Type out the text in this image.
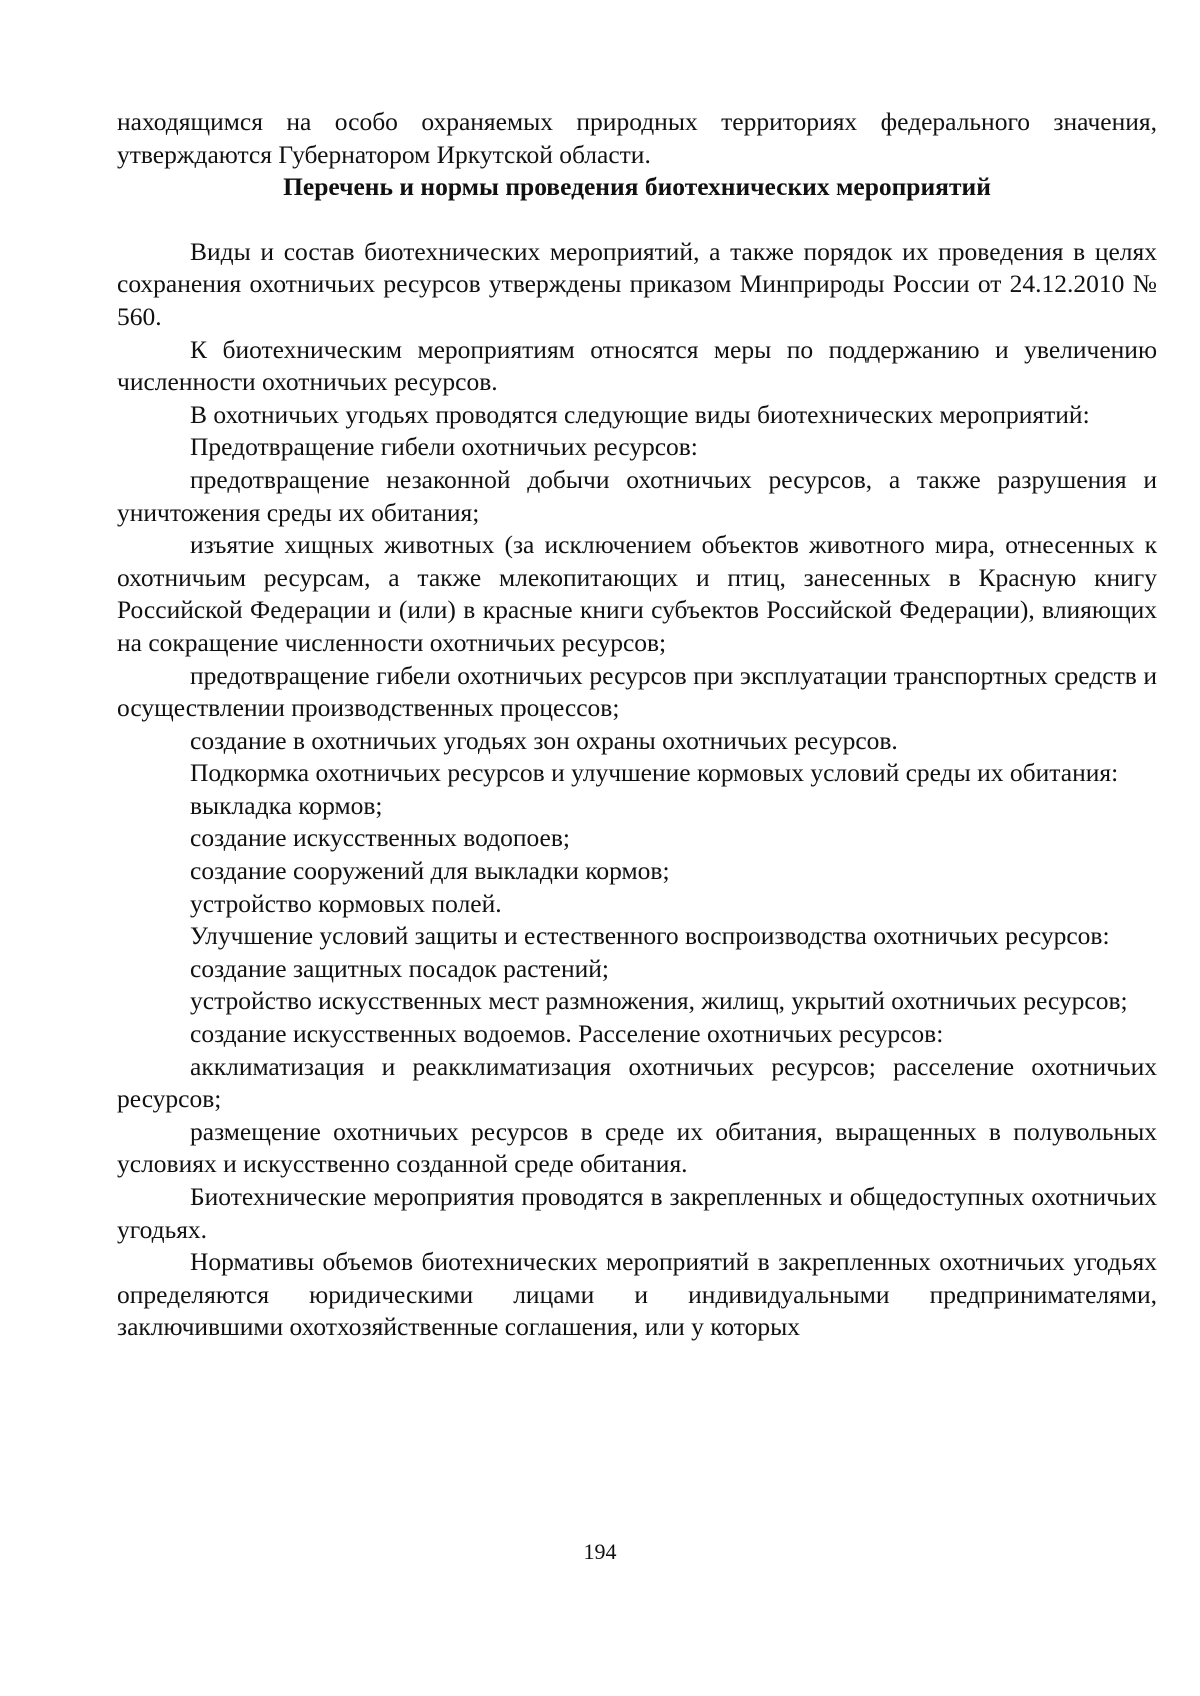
находящимся на особо охраняемых природных территориях федерального значения, утверждаются Губернатором Иркутской области.

Перечень и нормы проведения биотехнических мероприятий

Виды и состав биотехнических мероприятий, а также порядок их проведения в целях сохранения охотничьих ресурсов утверждены приказом Минприроды России от 24.12.2010 № 560.

К биотехническим мероприятиям относятся меры по поддержанию и увеличению численности охотничьих ресурсов.

В охотничьих угодьях проводятся следующие виды биотехнических мероприятий:

Предотвращение гибели охотничьих ресурсов:

предотвращение незаконной добычи охотничьих ресурсов, а также разрушения и уничтожения среды их обитания;

изъятие хищных животных (за исключением объектов животного мира, отнесенных к охотничьим ресурсам, а также млекопитающих и птиц, занесенных в Красную книгу Российской Федерации и (или) в красные книги субъектов Российской Федерации), влияющих на сокращение численности охотничьих ресурсов;

предотвращение гибели охотничьих ресурсов при эксплуатации транспортных средств и осуществлении производственных процессов;

создание в охотничьих угодьях зон охраны охотничьих ресурсов.

Подкормка охотничьих ресурсов и улучшение кормовых условий среды их обитания:

выкладка кормов;

создание искусственных водопоев;

создание сооружений для выкладки кормов;

устройство кормовых полей.

Улучшение условий защиты и естественного воспроизводства охотничьих ресурсов:

создание защитных посадок растений;

устройство искусственных мест размножения, жилищ, укрытий охотничьих ресурсов;

создание искусственных водоемов. Расселение охотничьих ресурсов:

акклиматизация и реакклиматизация охотничьих ресурсов; расселение охотничьих ресурсов;

размещение охотничьих ресурсов в среде их обитания, выращенных в полувольных условиях и искусственно созданной среде обитания.

Биотехнические мероприятия проводятся в закрепленных и общедоступных охотничьих угодьях.

Нормативы объемов биотехнических мероприятий в закрепленных охотничьих угодьях определяются юридическими лицами и индивидуальными предпринимателями, заключившими охотхозяйственные соглашения, или у которых

194
